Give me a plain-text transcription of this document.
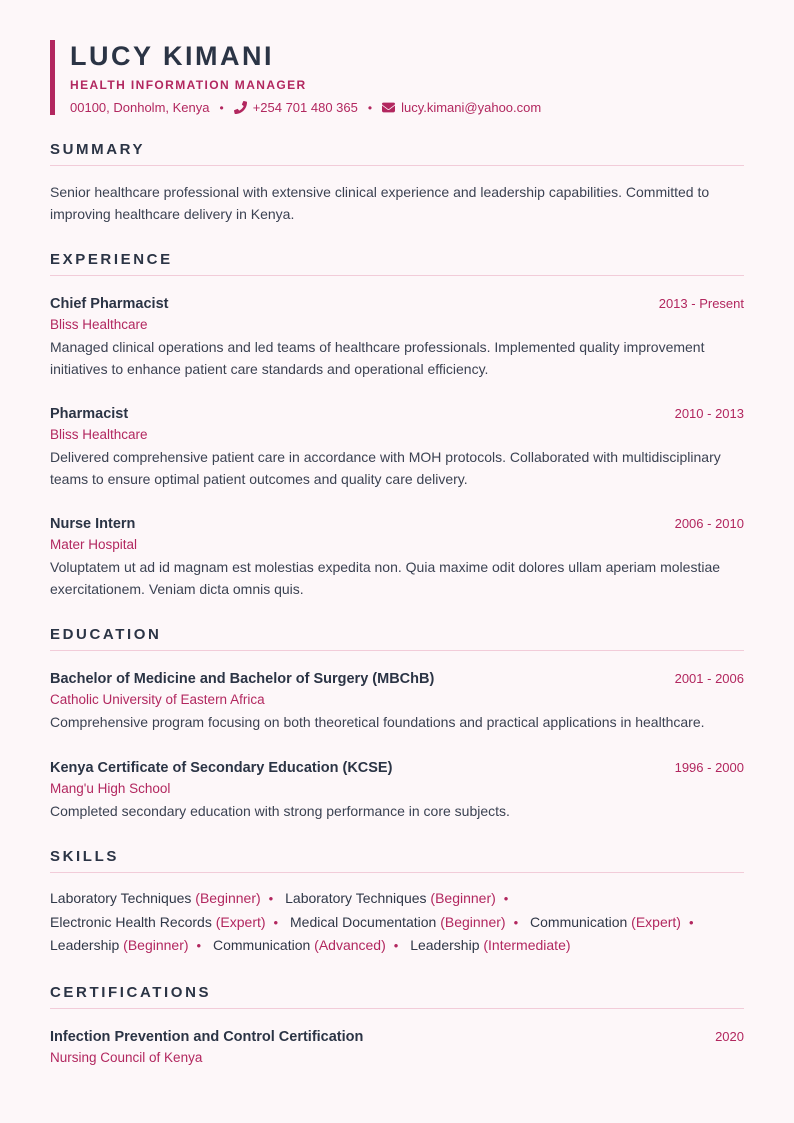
LUCY KIMANI
HEALTH INFORMATION MANAGER
00100, Donholm, Kenya • +254 701 480 365 • lucy.kimani@yahoo.com
SUMMARY
Senior healthcare professional with extensive clinical experience and leadership capabilities. Committed to improving healthcare delivery in Kenya.
EXPERIENCE
Chief Pharmacist	2013 - Present
Bliss Healthcare
Managed clinical operations and led teams of healthcare professionals. Implemented quality improvement initiatives to enhance patient care standards and operational efficiency.
Pharmacist	2010 - 2013
Bliss Healthcare
Delivered comprehensive patient care in accordance with MOH protocols. Collaborated with multidisciplinary teams to ensure optimal patient outcomes and quality care delivery.
Nurse Intern	2006 - 2010
Mater Hospital
Voluptatem ut ad id magnam est molestias expedita non. Quia maxime odit dolores ullam aperiam molestiae exercitationem. Veniam dicta omnis quis.
EDUCATION
Bachelor of Medicine and Bachelor of Surgery (MBChB)	2001 - 2006
Catholic University of Eastern Africa
Comprehensive program focusing on both theoretical foundations and practical applications in healthcare.
Kenya Certificate of Secondary Education (KCSE)	1996 - 2000
Mang'u High School
Completed secondary education with strong performance in core subjects.
SKILLS
Laboratory Techniques (Beginner) • Laboratory Techniques (Beginner) • Electronic Health Records (Expert) • Medical Documentation (Beginner) • Communication (Expert) • Leadership (Beginner) • Communication (Advanced) • Leadership (Intermediate)
CERTIFICATIONS
Infection Prevention and Control Certification	2020
Nursing Council of Kenya
